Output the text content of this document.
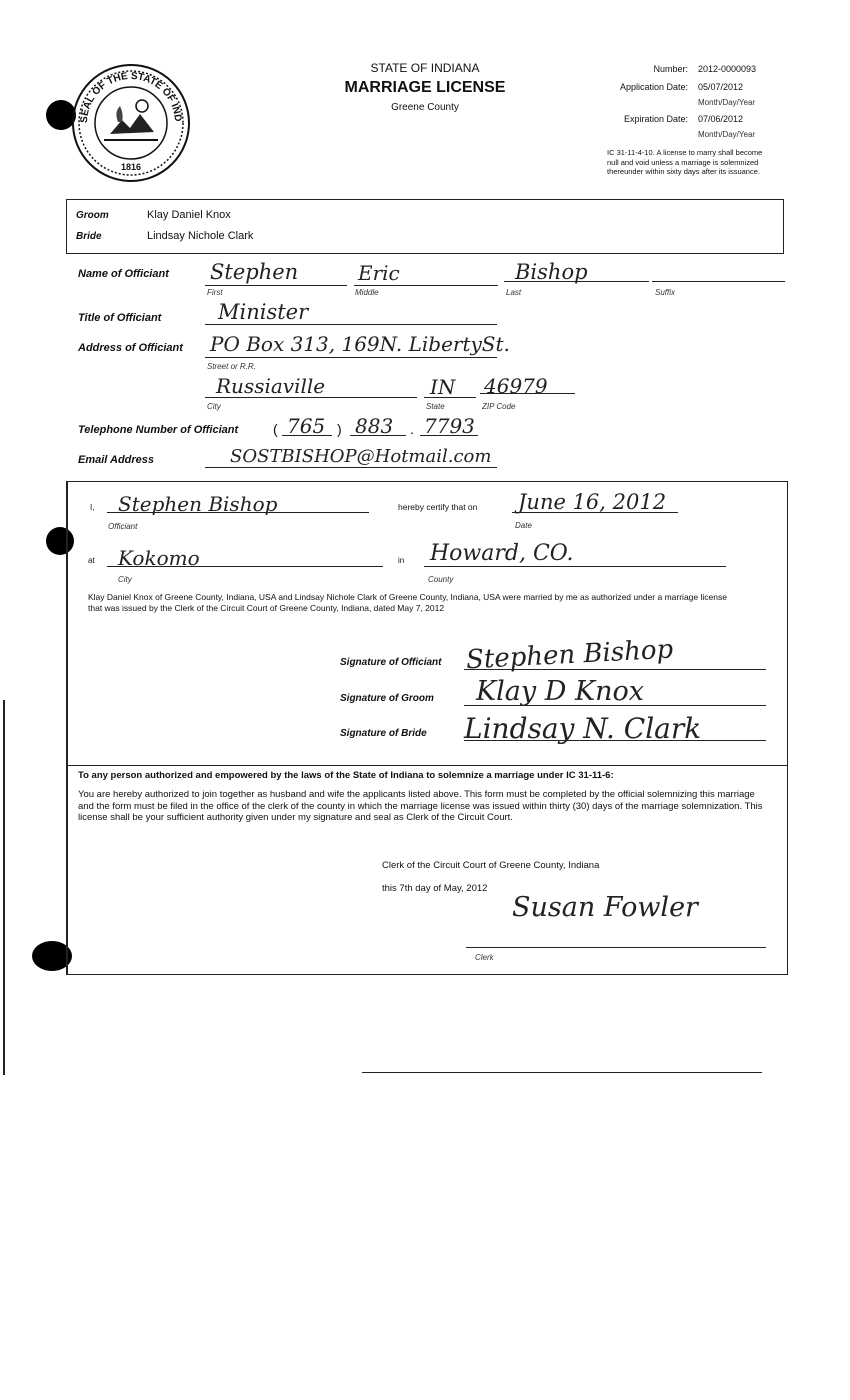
SEAL OF THE STATE OF IND
1816
STATE OF INDIANA
MARRIAGE LICENSE
Greene County
Number: 2012-0000093
Application Date: 05/07/2012
Month/Day/Year
Expiration Date: 07/06/2012
Month/Day/Year
IC 31-11-4-10. A license to marry shall become null and void unless a marriage is solemnized thereunder within sixty days after its issuance.
Groom	Klay Daniel Knox
Bride	Lindsay Nichole Clark
Name of Officiant Stephen	Eric	Bishop
First	Middle	Last	Suffix
Title of Officiant	Minister
Address of Officiant PO Box 313, 169N. LibertySt.
Street or R.R.
Russiaville	IN 46979
City	State	ZIP Code
Telephone Number of Officiant ( 765 ) 883 . 7793
Email Address	SOSTBISHOP@Hotmail.com
I, Stephen Bishop
Officiant
hereby certify that on June 16, 2012
Date
at Kokomo
City
in Howard, CO.
County
Klay Daniel Knox of Greene County, Indiana, USA and Lindsay Nichole Clark of Greene County, Indiana, USA were married by me as authorized under a marriage license that was issued by the Clerk of the Circuit Court of Greene County, Indiana, dated May 7, 2012
Signature of Officiant Stephen Bishop
Signature of Groom Klay D Knox
Signature of Bride Lindsay N. Clark
To any person authorized and empowered by the laws of the State of Indiana to solemnize a marriage under IC 31-11-6:
You are hereby authorized to join together as husband and wife the applicants listed above. This form must be completed by the official solemnizing this marriage and the form must be filed in the office of the clerk of the county in which the marriage license was issued within thirty (30) days of the marriage solemnization. This license shall be your sufficient authority given under my signature and seal as Clerk of the Circuit Court.
Clerk of the Circuit Court of Greene County, Indiana
this 7th day of May, 2012
Susan Fowler
Clerk
